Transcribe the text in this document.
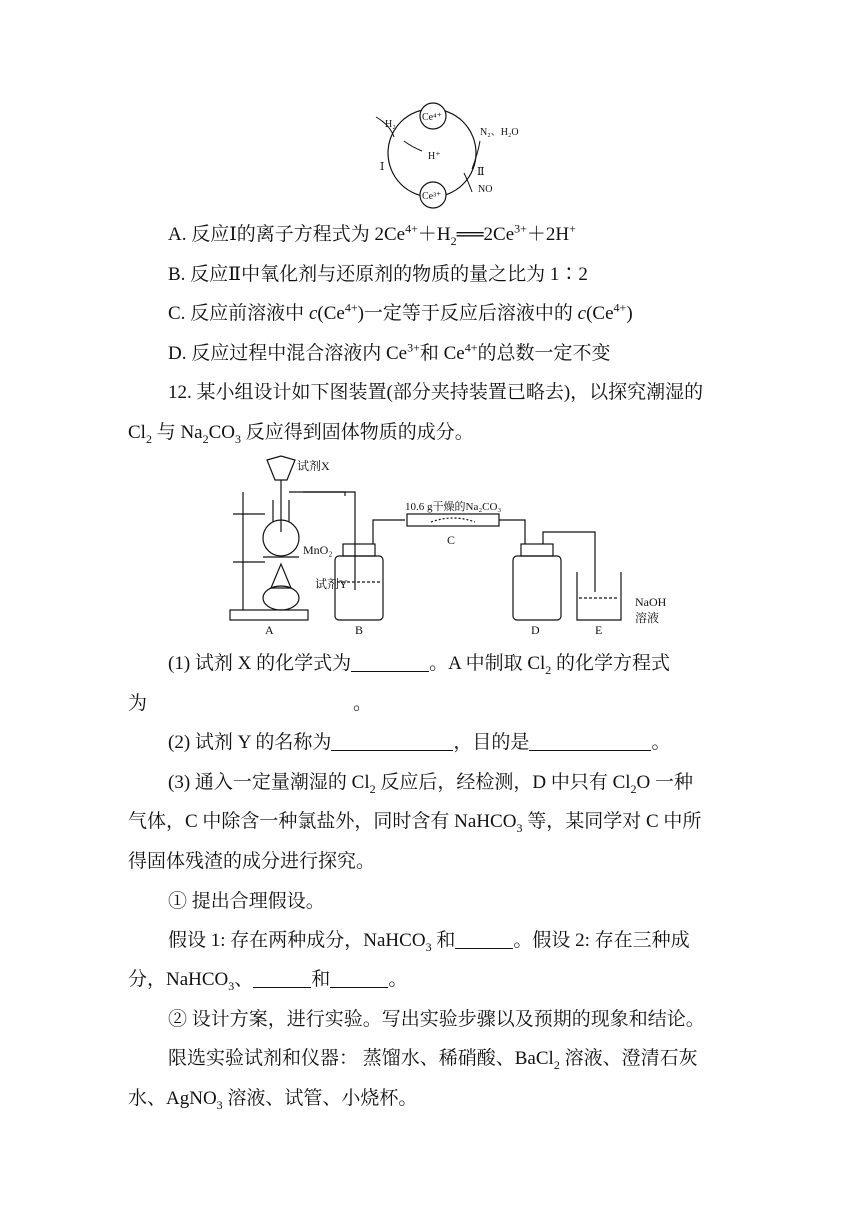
Ce⁴⁺
Ce³⁺
H₂
H⁺
N₂、H₂O
NO
Ⅰ	Ⅱ
A. 反应Ⅰ的离子方程式为 $2Ce^{4+}+H_2══2Ce^{3+}+2H^+$
B. 反应Ⅱ中氧化剂与还原剂的物质的量之比为 1∶2
C. 反应前溶液中 $c(Ce^{4+})$一定等于反应后溶液中的 $c(Ce^{4+})$
D. 反应过程中混合溶液内 $Ce^{3+}$和 $Ce^{4+}$的总数一定不变
12. 某小组设计如下图装置(部分夹持装置已略去)，以探究潮湿的
$Cl_2$ 与 $Na_2CO_3$ 反应得到固体物质的成分。
试剂X
MnO₂
试剂Y
A	B
10.6 g干燥的Na₂CO₃
C
D
NaOH
溶液
E
(1) 试剂 X 的化学式为	。A 中制取 $Cl_2$ 的化学方程式
为	。
(2) 试剂 Y 的名称为	，目的是	。
(3) 通入一定量潮湿的 $Cl_2$ 反应后，经检测，D 中只有 $Cl_2O$ 一种
气体，C 中除含一种氯盐外，同时含有 NaHCO$_3$ 等，某同学对 C 中所
得固体残渣的成分进行探究。
① 提出合理假设。
假设 1: 存在两种成分，NaHCO$_3$ 和	。假设 2: 存在三种成
分，NaHCO$_3$、	和	。
② 设计方案，进行实验。写出实验步骤以及预期的现象和结论。
限选实验试剂和仪器： 蒸馏水、稀硝酸、BaCl$_2$ 溶液、澄清石灰
水、AgNO$_3$ 溶液、试管、小烧杯。
